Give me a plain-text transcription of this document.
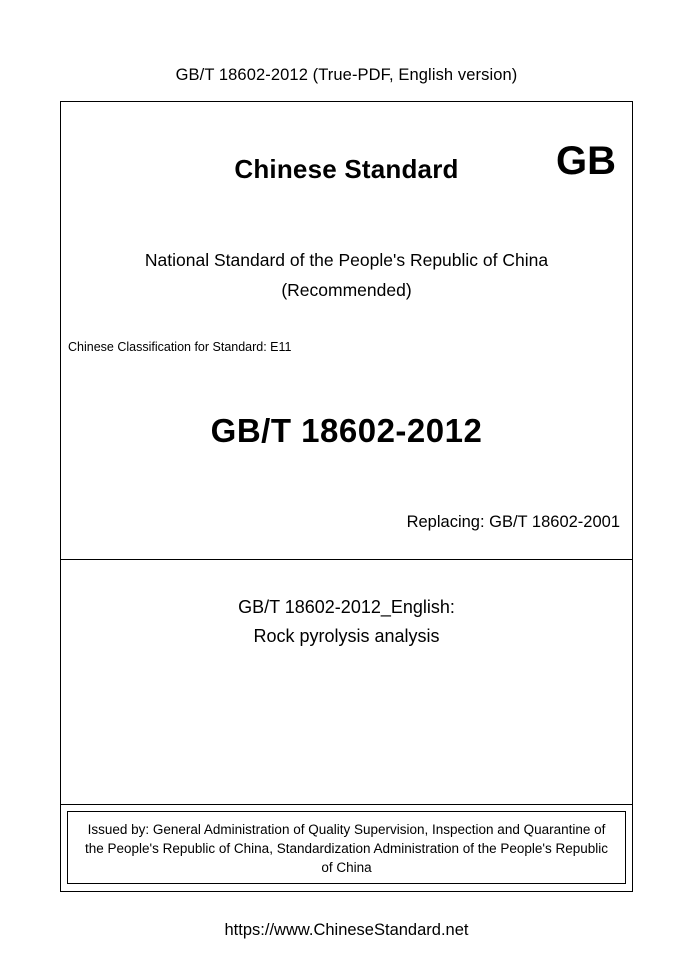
GB/T 18602-2012 (True-PDF, English version)
Chinese Standard	GB
National Standard of the People's Republic of China
(Recommended)
Chinese Classification for Standard: E11
GB/T 18602-2012
Replacing: GB/T 18602-2001
GB/T 18602-2012_English:
Rock pyrolysis analysis
Issued by: General Administration of Quality Supervision, Inspection and Quarantine of the People's Republic of China, Standardization Administration of the People's Republic of China
https://www.ChineseStandard.net
